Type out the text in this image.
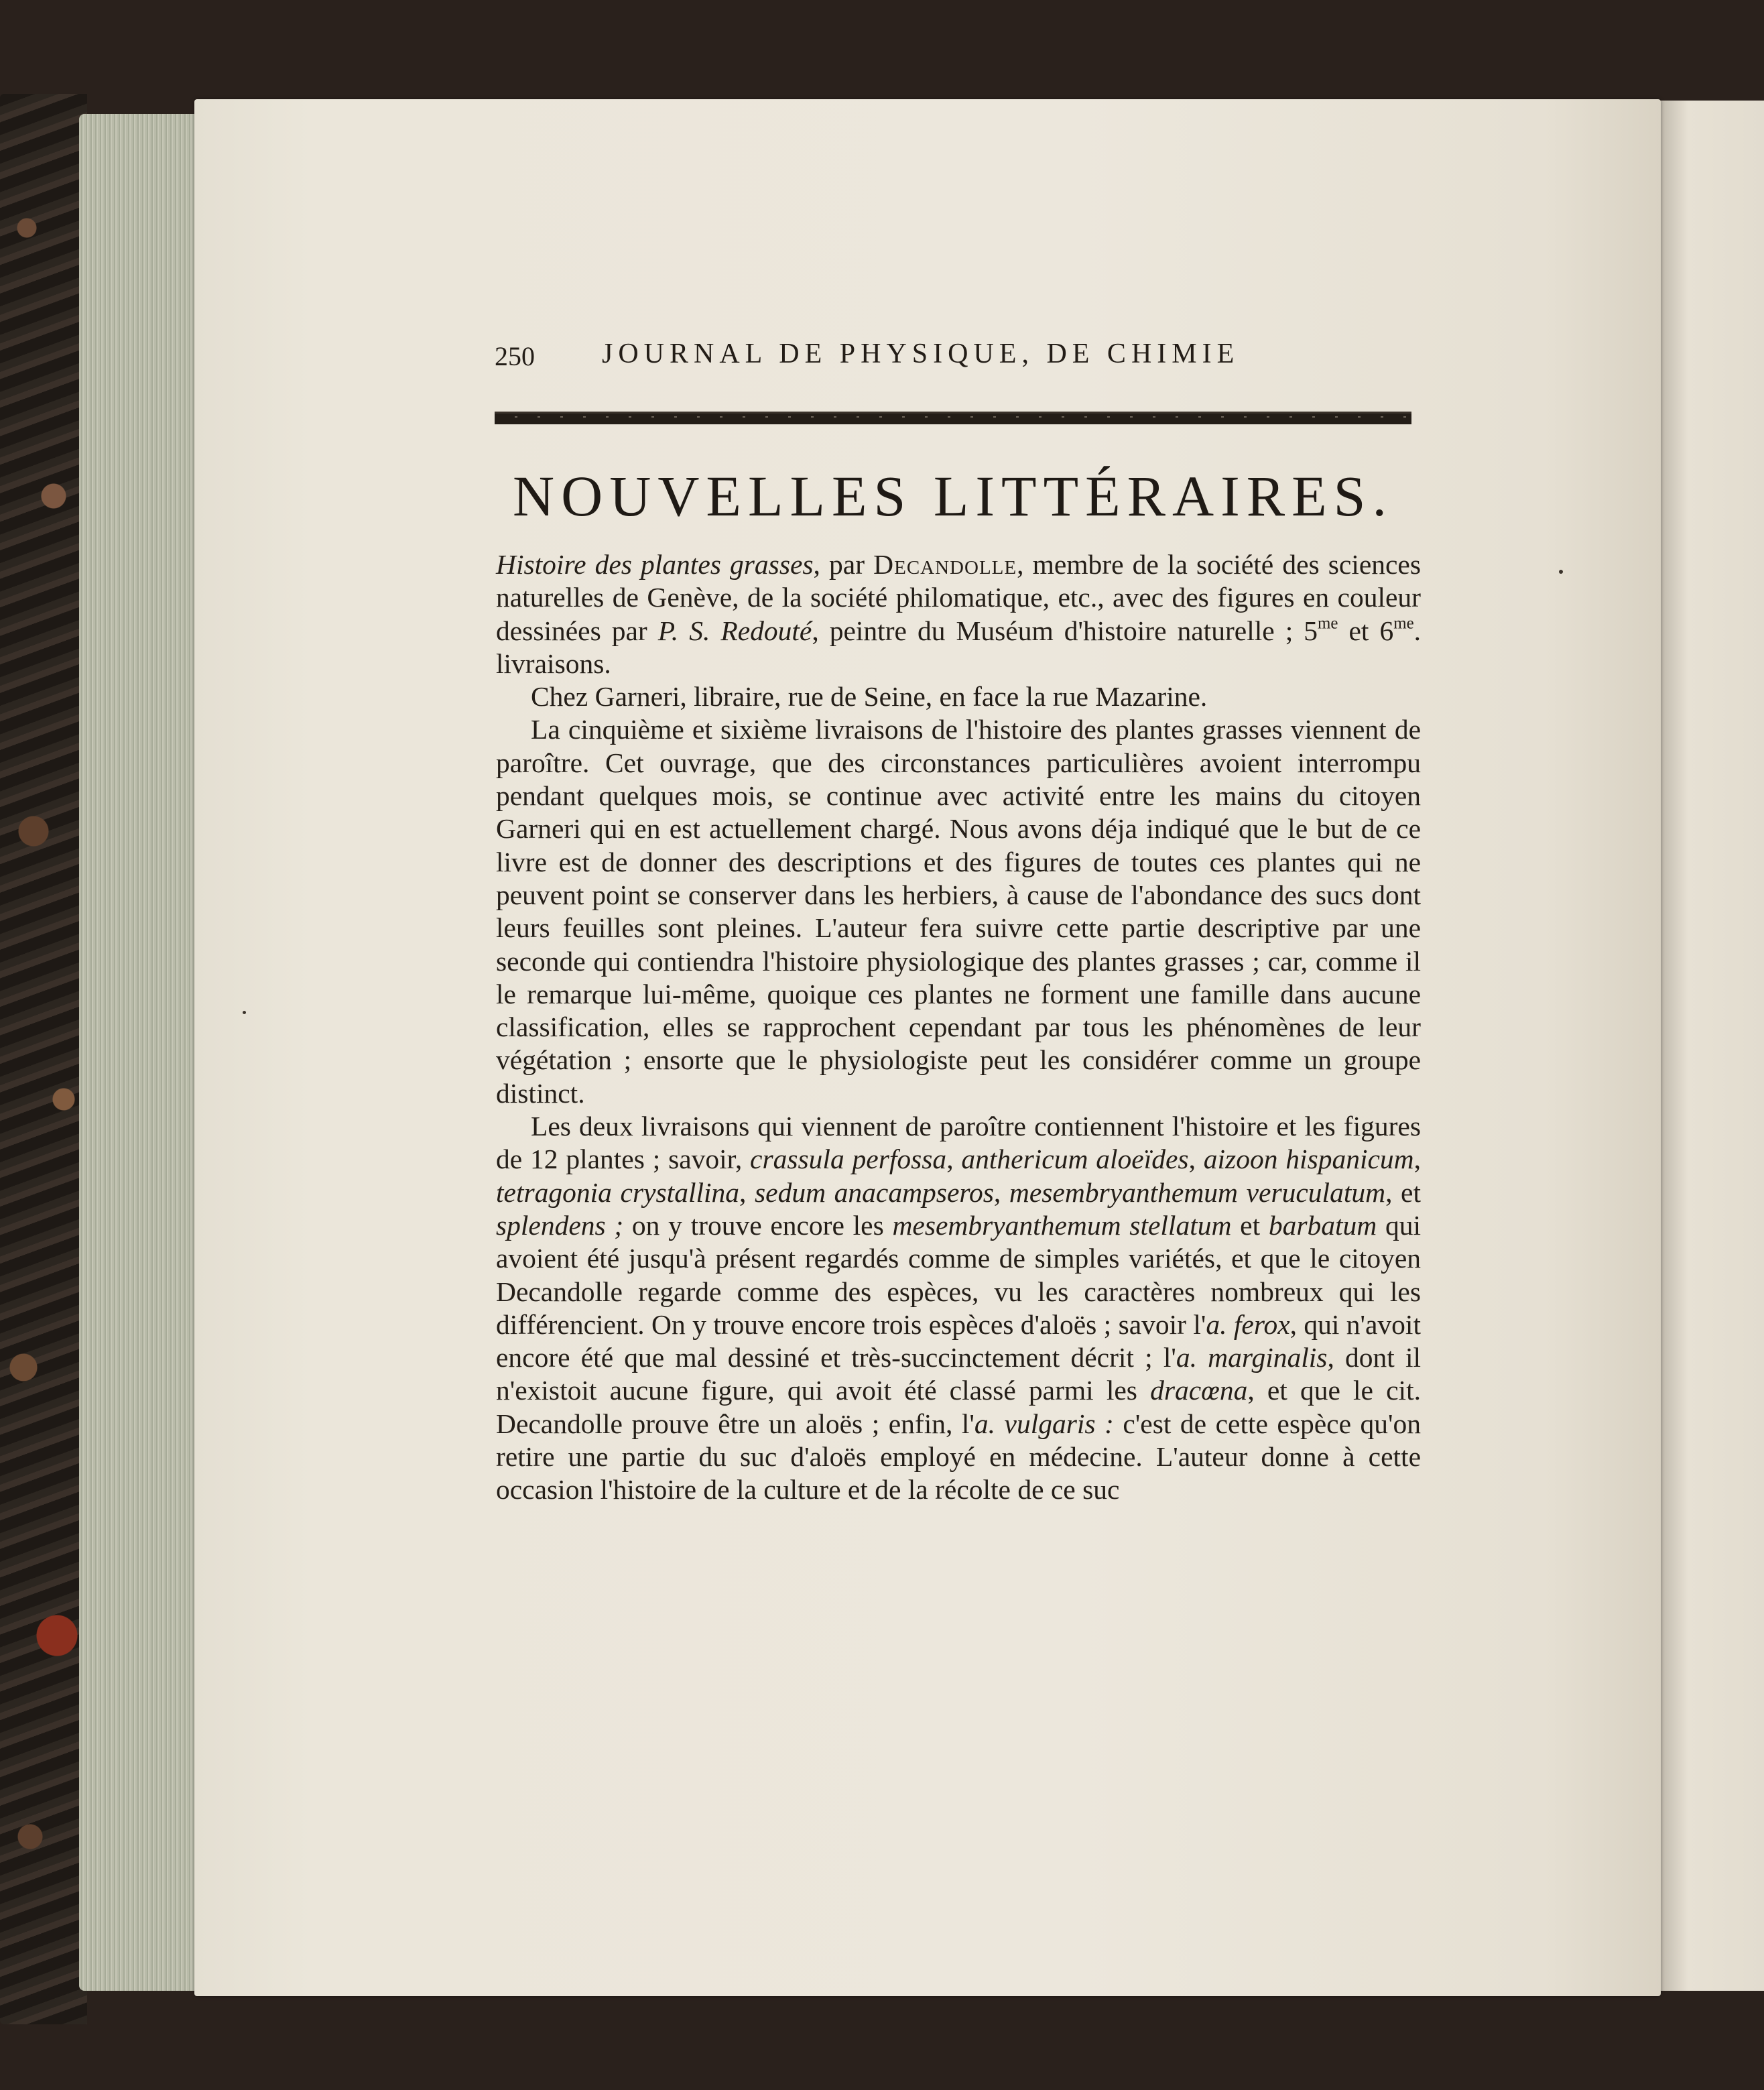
250 JOURNAL DE PHYSIQUE, DE CHIMIE
NOUVELLES LITTÉRAIRES.

Histoire des plantes grasses, par Decandolle, membre de la société des sciences naturelles de Genève, de la société philomatique, etc., avec des figures en couleur dessinées par P. S. Redouté, peintre du Muséum d'histoire naturelle ; $5^{me}$ et $6^{me}$. livraisons.

Chez Garneri, libraire, rue de Seine, en face la rue Mazarine.

La cinquième et sixième livraisons de l'histoire des plantes grasses viennent de paroître. Cet ouvrage, que des circonstances particulières avoient interrompu pendant quelques mois, se continue avec activité entre les mains du citoyen Garneri qui en est actuellement chargé. Nous avons déja indiqué que le but de ce livre est de donner des descriptions et des figures de toutes ces plantes qui ne peuvent point se conserver dans les herbiers, à cause de l'abondance des sucs dont leurs feuilles sont pleines. L'auteur fera suivre cette partie descriptive par une seconde qui contiendra l'histoire physiologique des plantes grasses ; car, comme il le remarque lui-même, quoique ces plantes ne forment une famille dans aucune classification, elles se rapprochent cependant par tous les phénomènes de leur végétation ; ensorte que le physiologiste peut les considérer comme un groupe distinct.

Les deux livraisons qui viennent de paroître contiennent l'histoire et les figures de 12 plantes ; savoir, crassula perfossa, anthericum aloeïdes, aizoon hispanicum, tetragonia crystallina, sedum anacampseros, mesembryanthemum veruculatum, et splendens ; on y trouve encore les mesembryanthemum stellatum et barbatum qui avoient été jusqu'à présent regardés comme de simples variétés, et que le citoyen Decandolle regarde comme des espèces, vu les caractères nombreux qui les différencient. On y trouve encore trois espèces d'aloës ; savoir l'a. ferox, qui n'avoit encore été que mal dessiné et très-succinctement décrit ; l'a. marginalis, dont il n'existoit aucune figure, qui avoit été classé parmi les dracœna, et que le cit. Decandolle prouve être un aloës ; enfin, l'a. vulgaris : c'est de cette espèce qu'on retire une partie du suc d'aloës employé en médecine. L'auteur donne à cette occasion l'histoire de la culture et de la récolte de ce suc
